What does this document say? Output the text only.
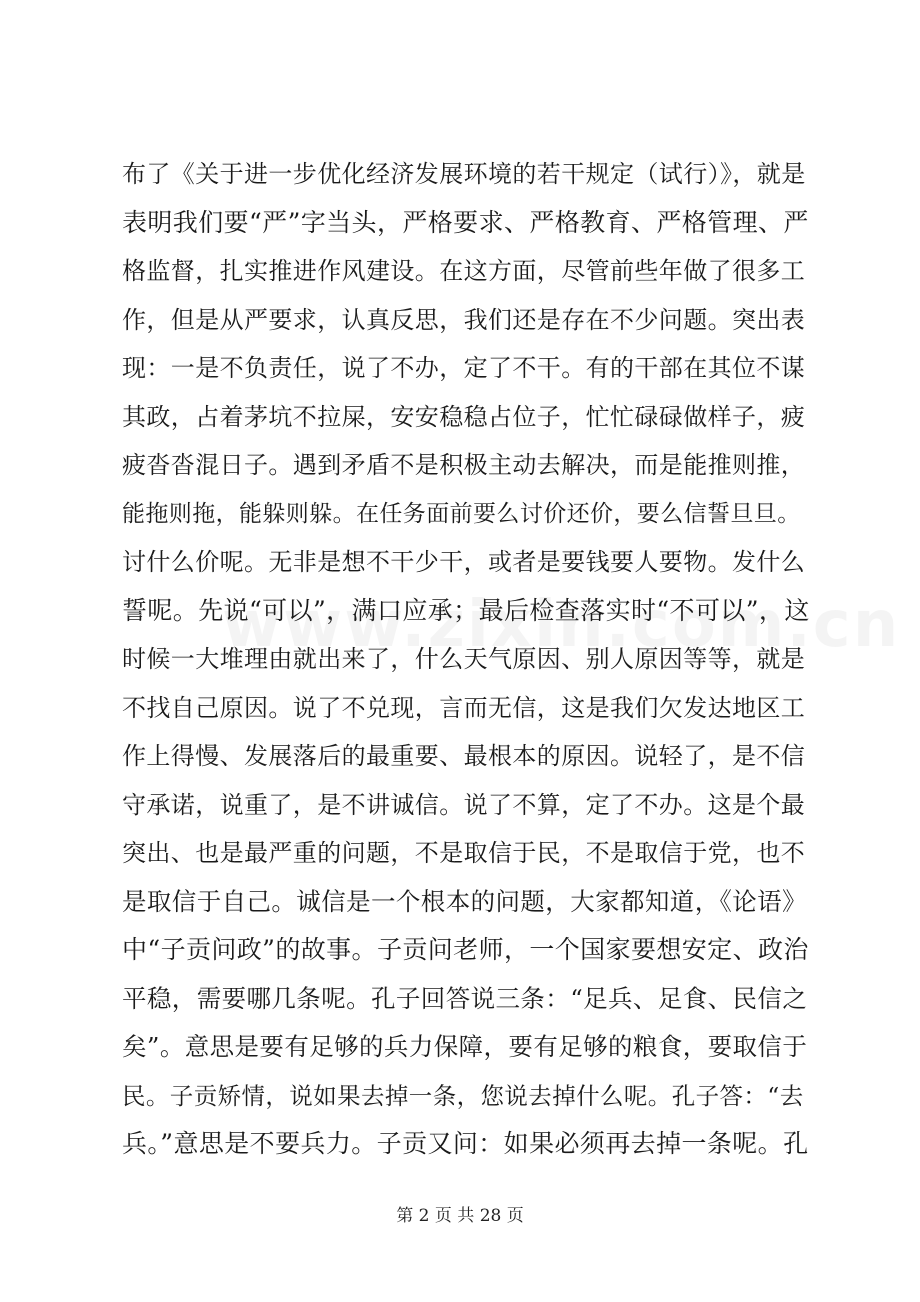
布了《关于进一步优化经济发展环境的若干规定（试行）》，就是
表明我们要“严”字当头，严格要求、严格教育、严格管理、严
格监督，扎实推进作风建设。在这方面，尽管前些年做了很多工
作，但是从严要求，认真反思，我们还是存在不少问题。突出表
现：一是不负责任，说了不办，定了不干。有的干部在其位不谋
其政，占着茅坑不拉屎，安安稳稳占位子，忙忙碌碌做样子，疲
疲沓沓混日子。遇到矛盾不是积极主动去解决，而是能推则推，
能拖则拖，能躲则躲。在任务面前要么讨价还价，要么信誓旦旦。
讨什么价呢。无非是想不干少干，或者是要钱要人要物。发什么
誓呢。先说“可以”，满口应承；最后检查落实时“不可以”，这
时候一大堆理由就出来了，什么天气原因、别人原因等等，就是
不找自己原因。说了不兑现，言而无信，这是我们欠发达地区工
作上得慢、发展落后的最重要、最根本的原因。说轻了，是不信
守承诺，说重了，是不讲诚信。说了不算，定了不办。这是个最
突出、也是最严重的问题，不是取信于民，不是取信于党，也不
是取信于自己。诚信是一个根本的问题，大家都知道，《论语》
中“子贡问政”的故事。子贡问老师，一个国家要想安定、政治
平稳，需要哪几条呢。孔子回答说三条：“足兵、足食、民信之
矣”。意思是要有足够的兵力保障，要有足够的粮食，要取信于
民。子贡矫情，说如果去掉一条，您说去掉什么呢。孔子答：“去
兵。”意思是不要兵力。子贡又问：如果必须再去掉一条呢。孔
第 2 页 共 28 页
